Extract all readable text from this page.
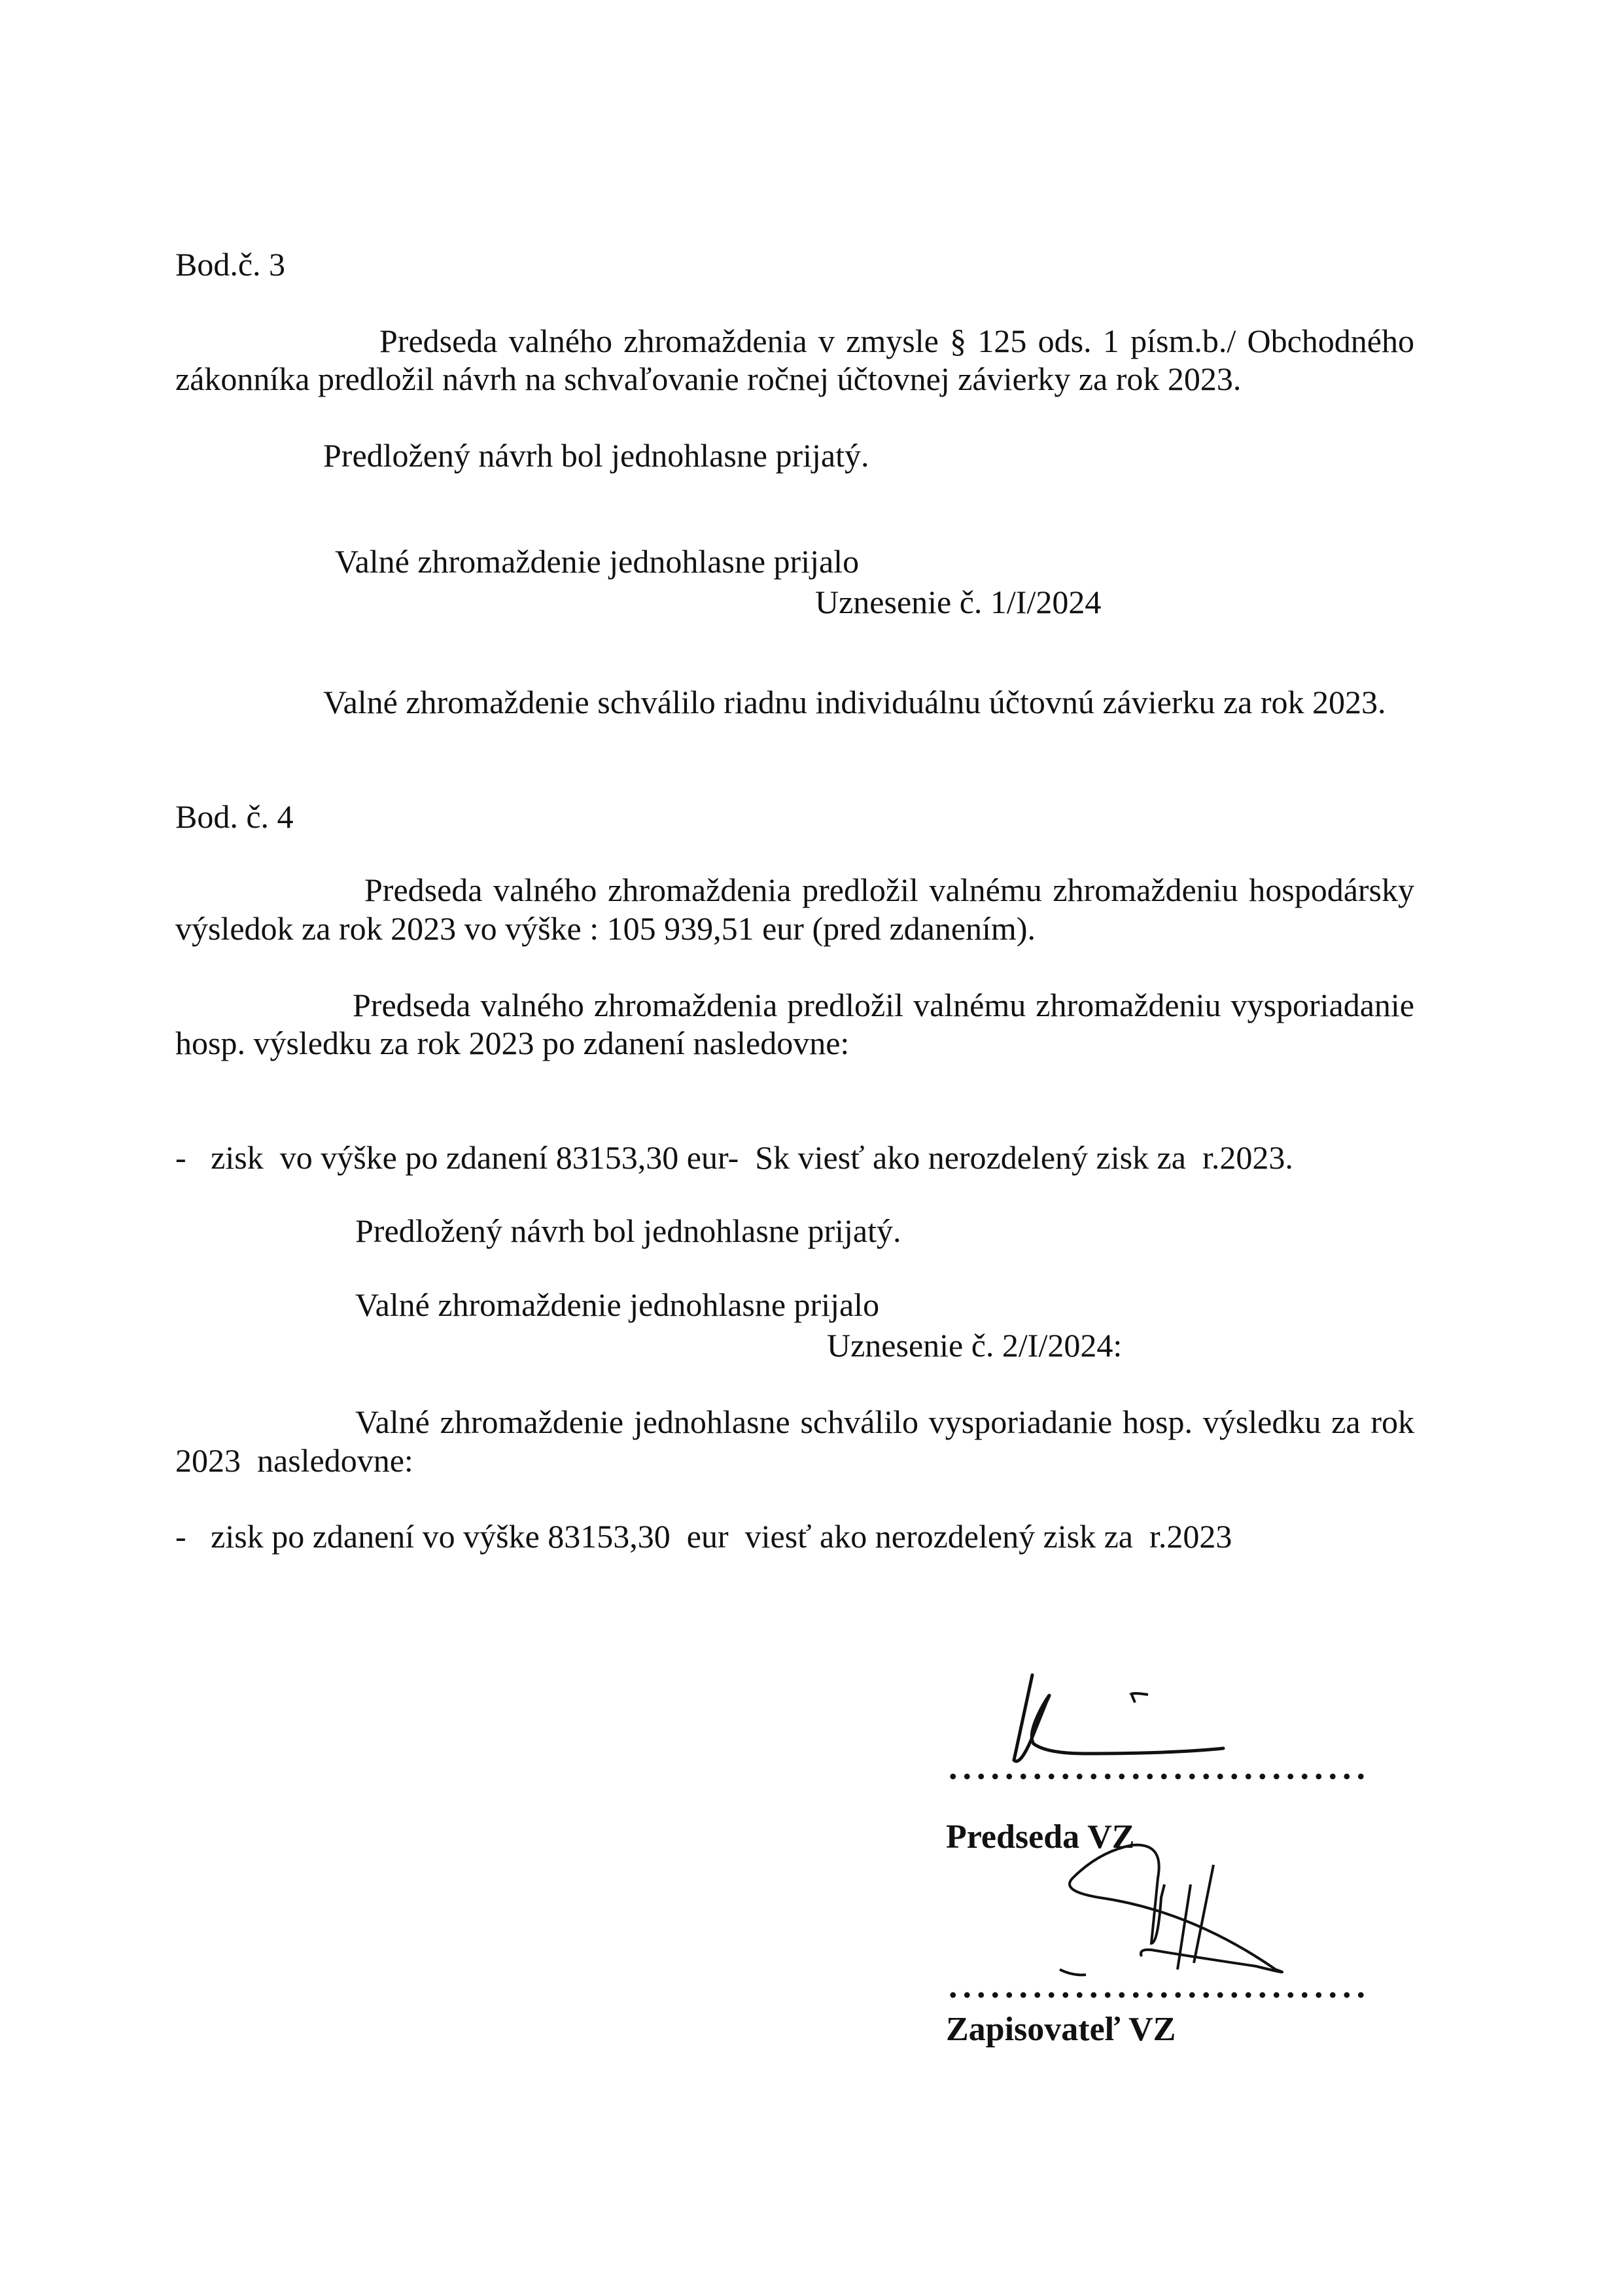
Bod.č. 3
Predseda valného zhromaždenia v zmysle § 125 ods. 1 písm.b./ Obchodného
zákonníka predložil návrh na schvaľovanie ročnej účtovnej závierky za rok 2023.
Predložený návrh bol jednohlasne prijatý.
Valné zhromaždenie jednohlasne prijalo
Uznesenie č. 1/I/2024
Valné zhromaždenie schválilo riadnu individuálnu účtovnú závierku za rok 2023.
Bod. č. 4
Predseda valného zhromaždenia predložil valnému zhromaždeniu hospodársky
výsledok za rok 2023 vo výške : 105 939,51 eur (pred zdanením).
Predseda valného zhromaždenia predložil valnému zhromaždeniu vysporiadanie
hosp. výsledku za rok 2023 po zdanení nasledovne:
-   zisk  vo výške po zdanení 83153,30 eur-  Sk viesť ako nerozdelený zisk za  r.2023.
Predložený návrh bol jednohlasne prijatý.
Valné zhromaždenie jednohlasne prijalo
Uznesenie č. 2/I/2024:
Valné zhromaždenie jednohlasne schválilo vysporiadanie hosp. výsledku za rok
2023  nasledovne:
-   zisk po zdanení vo výške 83153,30  eur  viesť ako nerozdelený zisk za  r.2023
Predseda VZ
Zapisovateľ VZ
